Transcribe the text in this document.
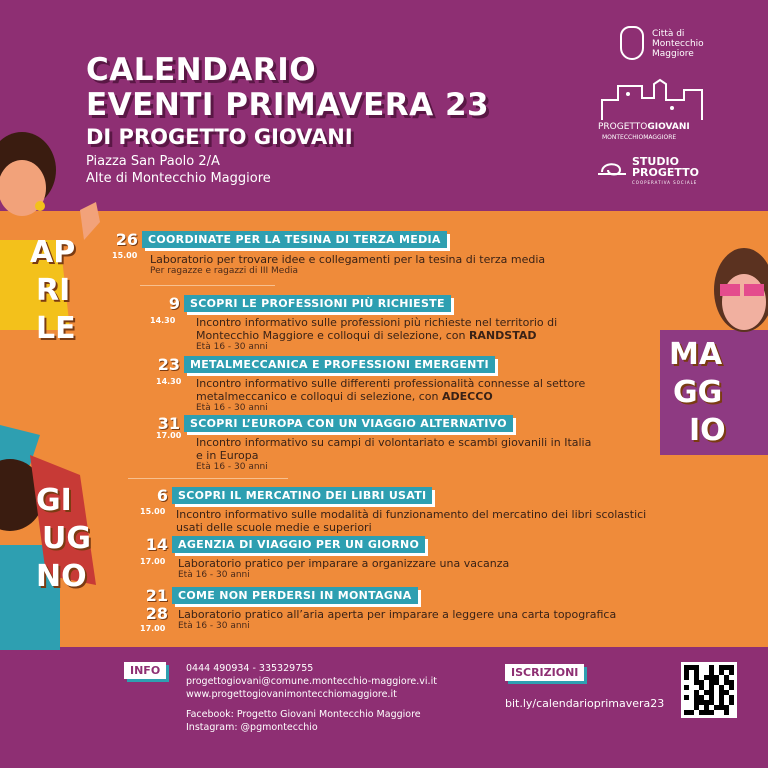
CALENDARIO
EVENTI PRIMAVERA 23
DI PROGETTO GIOVANI
Piazza San Paolo 2/A
Alte di Montecchio Maggiore
Città di
Montecchio
Maggiore
PROGETTOGIOVANI
MONTECCHIOMAGGIORE
STUDIO
PROGETTO
COOPERATIVA SOCIALE
AP
RI
LE
MA
GG
IO
GI
UG
NO
26 COORDINATE PER LA TESINA DI TERZA MEDIA
15.00 Laboratorio per trovare idee e collegamenti per la tesina di terza media
Per ragazze e ragazzi di III Media
9 SCOPRI LE PROFESSIONI PIÙ RICHIESTE
14.30 Incontro informativo sulle professioni più richieste nel territorio di
Montecchio Maggiore e colloqui di selezione, con RANDSTAD
Età 16 - 30 anni
23 METALMECCANICA E PROFESSIONI EMERGENTI
14.30 Incontro informativo sulle differenti professionalità connesse al settore
metalmeccanico e colloqui di selezione, con ADECCO
Età 16 - 30 anni
31 SCOPRI L’EUROPA CON UN VIAGGIO ALTERNATIVO
17.00
Incontro informativo su campi di volontariato e scambi giovanili in Italia
e in Europa
Età 16 - 30 anni
6 SCOPRI IL MERCATINO DEI LIBRI USATI
15.00 Incontro informativo sulle modalità di funzionamento del mercatino dei libri scolastici
usati delle scuole medie e superiori
14 AGENZIA DI VIAGGIO PER UN GIORNO
17.00 Laboratorio pratico per imparare a organizzare una vacanza
Età 16 - 30 anni
21 COME NON PERDERSI IN MONTAGNA
28
17.00
Laboratorio pratico all’aria aperta per imparare a leggere una carta topografica
Età 16 - 30 anni
INFO	0444 490934 - 335329755
progettogiovani@comune.montecchio-maggiore.vi.it
www.progettogiovanimontecchiomaggiore.it
Facebook: Progetto Giovani Montecchio Maggiore
Instagram: @pgmontecchio
ISCRIZIONI
bit.ly/calendarioprimavera23
